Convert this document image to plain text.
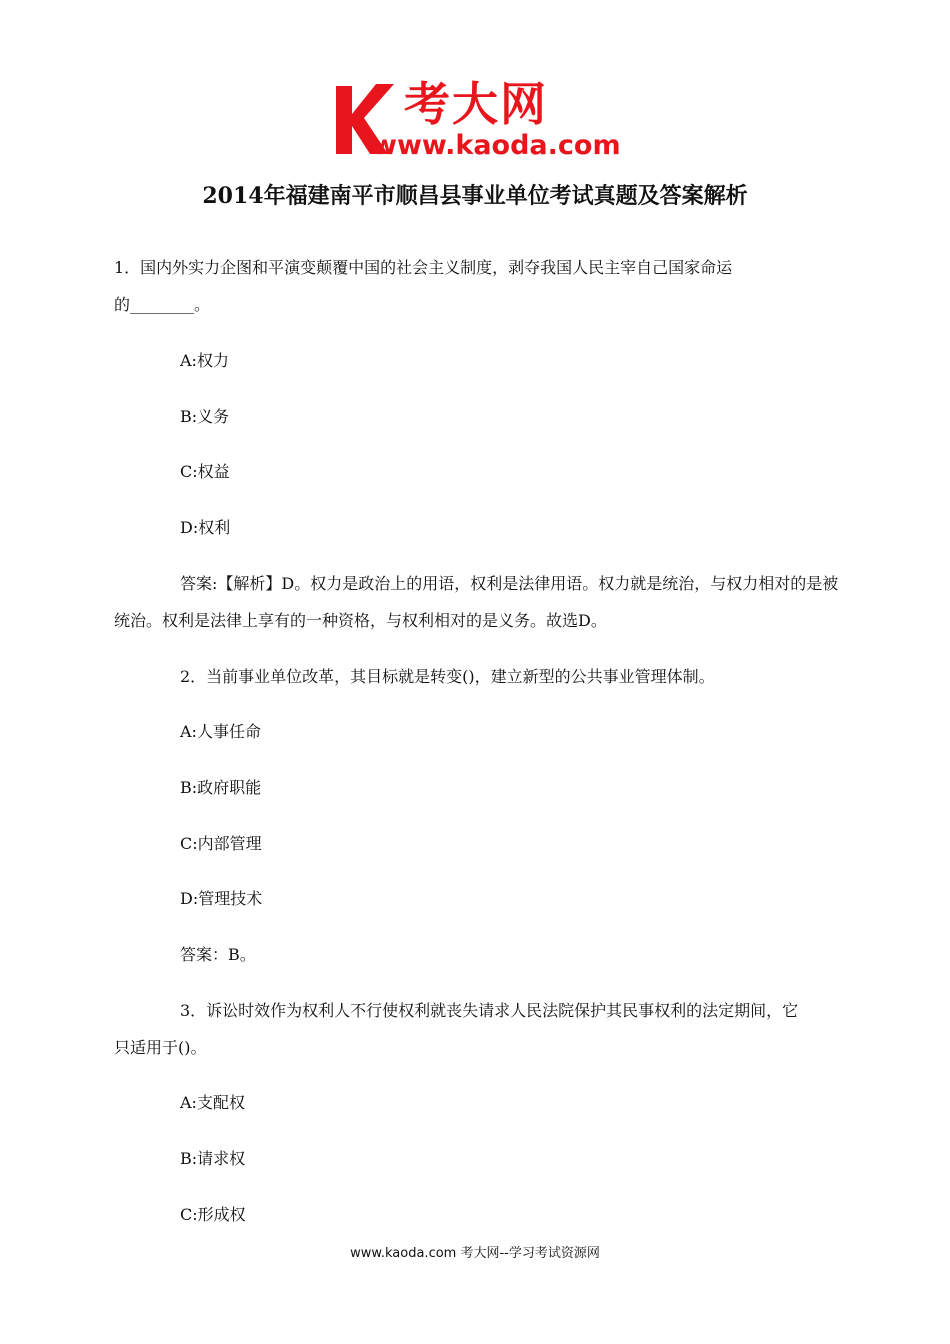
考大网
www.kaoda.com
2014年福建南平市顺昌县事业单位考试真题及答案解析
1．国内外实力企图和平演变颠覆中国的社会主义制度，剥夺我国人民主宰自己国家命运
的________。
A:权力
B:义务
C:权益
D:权利
答案:【解析】D。权力是政治上的用语，权利是法律用语。权力就是统治，与权力相对的是被
统治。权利是法律上享有的一种资格，与权利相对的是义务。故选D。
2．当前事业单位改革，其目标就是转变()，建立新型的公共事业管理体制。
A:人事任命
B:政府职能
C:内部管理
D:管理技术
答案：B。
3．诉讼时效作为权利人不行使权利就丧失请求人民法院保护其民事权利的法定期间，它
只适用于()。
A:支配权
B:请求权
C:形成权
www.kaoda.com 考大网--学习考试资源网
